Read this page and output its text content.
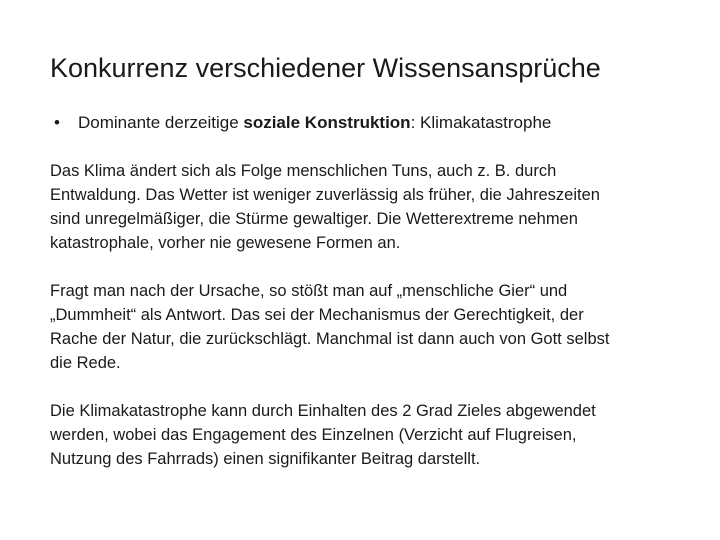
Konkurrenz verschiedener Wissensansprüche
• Dominante derzeitige soziale Konstruktion: Klimakatastrophe

Das Klima ändert sich als Folge menschlichen Tuns, auch z. B. durch
Entwaldung. Das Wetter ist weniger zuverlässig als früher, die Jahreszeiten
sind unregelmäßiger, die Stürme gewaltiger. Die Wetterextreme nehmen
katastrophale, vorher nie gewesene Formen an.

Fragt man nach der Ursache, so stößt man auf „menschliche Gier“ und
„Dummheit“ als Antwort. Das sei der Mechanismus der Gerechtigkeit, der
Rache der Natur, die zurückschlägt. Manchmal ist dann auch von Gott selbst
die Rede.

Die Klimakatastrophe kann durch Einhalten des 2 Grad Zieles abgewendet
werden, wobei das Engagement des Einzelnen (Verzicht auf Flugreisen,
Nutzung des Fahrrads) einen signifikanter Beitrag darstellt.
